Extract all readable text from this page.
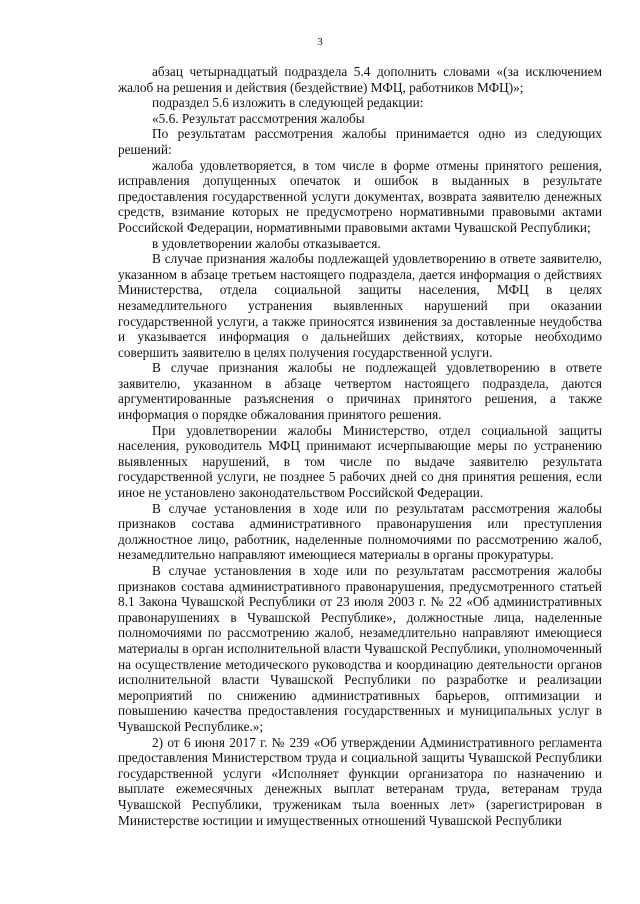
3

абзац четырнадцатый подраздела 5.4 дополнить словами «(за исключением жалоб на решения и действия (бездействие) МФЦ, работников МФЦ)»;

подраздел 5.6 изложить в следующей редакции:

«5.6. Результат рассмотрения жалобы

По результатам рассмотрения жалобы принимается одно из следующих решений:

жалоба удовлетворяется, в том числе в форме отмены принятого решения, исправления допущенных опечаток и ошибок в выданных в результате предоставления государственной услуги документах, возврата заявителю денежных средств, взимание которых не предусмотрено нормативными правовыми актами Российской Федерации, нормативными правовыми актами Чувашской Республики;

в удовлетворении жалобы отказывается.

В случае признания жалобы подлежащей удовлетворению в ответе заявителю, указанном в абзаце третьем настоящего подраздела, дается информация о действиях Министерства, отдела социальной защиты населения, МФЦ в целях незамедлительного устранения выявленных нарушений при оказании государственной услуги, а также приносятся извинения за доставленные неудобства и указывается информация о дальнейших действиях, которые необходимо совершить заявителю в целях получения государственной услуги.

В случае признания жалобы не подлежащей удовлетворению в ответе заявителю, указанном в абзаце четвертом настоящего подраздела, даются аргументированные разъяснения о причинах принятого решения, а также информация о порядке обжалования принятого решения.

При удовлетворении жалобы Министерство, отдел социальной защиты населения, руководитель МФЦ принимают исчерпывающие меры по устранению выявленных нарушений, в том числе по выдаче заявителю результата государственной услуги, не позднее 5 рабочих дней со дня принятия решения, если иное не установлено законодательством Российской Федерации.

В случае установления в ходе или по результатам рассмотрения жалобы признаков состава административного правонарушения или преступления должностное лицо, работник, наделенные полномочиями по рассмотрению жалоб, незамедлительно направляют имеющиеся материалы в органы прокуратуры.

В случае установления в ходе или по результатам рассмотрения жалобы признаков состава административного правонарушения, предусмотренного статьей 8.1 Закона Чувашской Республики от 23 июля 2003 г. № 22 «Об административных правонарушениях в Чувашской Республике», должностные лица, наделенные полномочиями по рассмотрению жалоб, незамедлительно направляют имеющиеся материалы в орган исполнительной власти Чувашской Республики, уполномоченный на осуществление методического руководства и координацию деятельности органов исполнительной власти Чувашской Республики по разработке и реализации мероприятий по снижению административных барьеров, оптимизации и повышению качества предоставления государственных и муниципальных услуг в Чувашской Республике.»;

2) от 6 июня 2017 г. № 239 «Об утверждении Административного регламента предоставления Министерством труда и социальной защиты Чувашской Республики государственной услуги «Исполняет функции организатора по назначению и выплате ежемесячных денежных выплат ветеранам труда, ветеранам труда Чувашской Республики, труженикам тыла военных лет» (зарегистрирован в Министерстве юстиции и имущественных отношений Чувашской Республики
